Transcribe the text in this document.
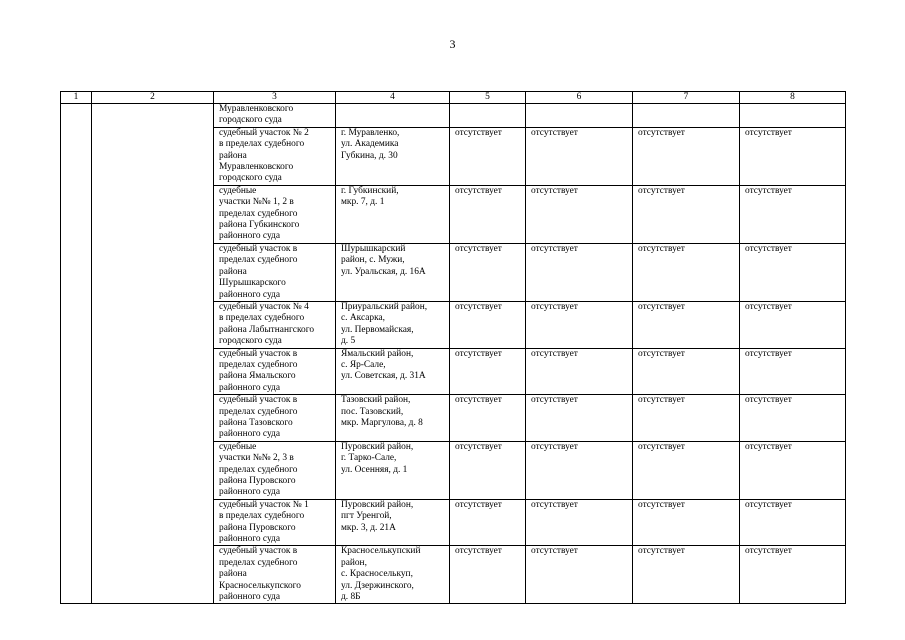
3
1	2	3	4	5	6	7	8
		Муравленковского
городского суда					
		судебный участок № 2
в пределах судебного
района
Муравленковского
городского суда	г. Муравленко,
ул. Академика
Губкина, д. 30	отсутствует	отсутствует	отсутствует	отсутствует
		судебные
участки №№ 1, 2 в
пределах судебного
района Губкинского
районного суда	г. Губкинский,
мкр. 7, д. 1	отсутствует	отсутствует	отсутствует	отсутствует
		судебный участок в
пределах судебного
района
Шурышкарского
районного суда	Шурышкарский
район, с. Мужи,
ул. Уральская, д. 16А	отсутствует	отсутствует	отсутствует	отсутствует
		судебный участок № 4
в пределах судебного
района Лабытнангского
городского суда	Приуральский район,
с. Аксарка,
ул. Первомайская,
д. 5	отсутствует	отсутствует	отсутствует	отсутствует
		судебный участок в
пределах судебного
района Ямальского
районного суда	Ямальский район,
с. Яр-Сале,
ул. Советская, д. 31А	отсутствует	отсутствует	отсутствует	отсутствует
		судебный участок в
пределах судебного
района Тазовского
районного суда	Тазовский район,
пос. Тазовский,
мкр. Маргулова, д. 8	отсутствует	отсутствует	отсутствует	отсутствует
		судебные
участки №№ 2, 3 в
пределах судебного
района Пуровского
районного суда	Пуровский район,
г. Тарко-Сале,
ул. Осенняя, д. 1	отсутствует	отсутствует	отсутствует	отсутствует
		судебный участок № 1
в пределах судебного
района Пуровского
районного суда	Пуровский район,
пгт Уренгой,
мкр. 3, д. 21А	отсутствует	отсутствует	отсутствует	отсутствует
		судебный участок в
пределах судебного
района
Красноселькупского
районного суда	Красноселькупский
район,
с. Красноселькуп,
ул. Дзержинского,
д. 8Б	отсутствует	отсутствует	отсутствует	отсутствует
